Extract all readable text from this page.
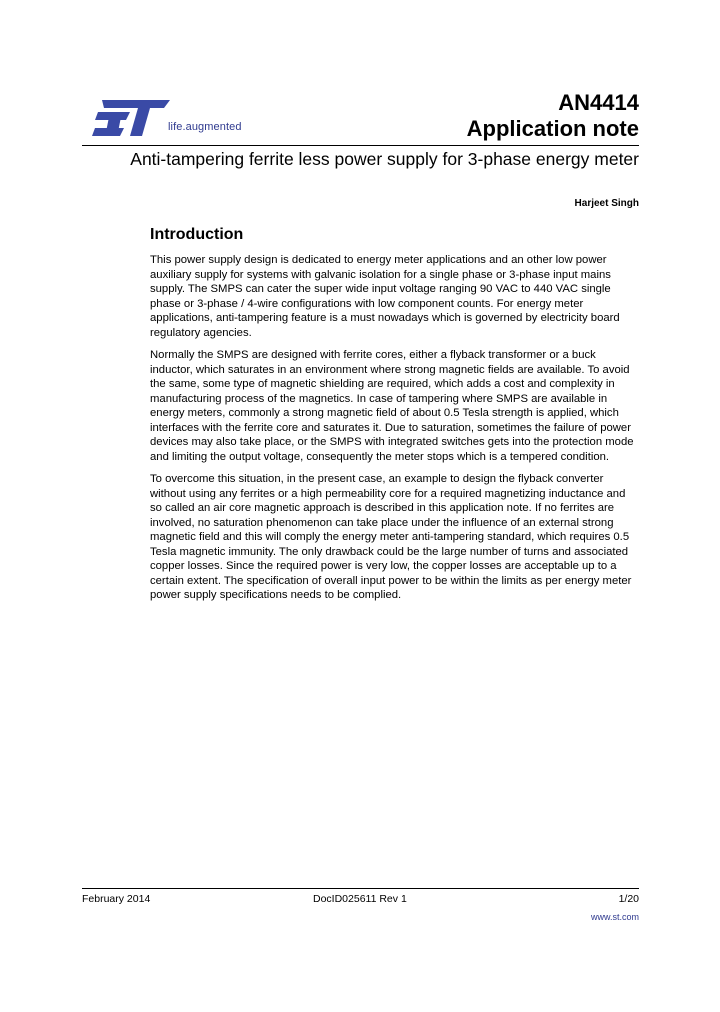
life.augmented
AN4414
Application note
Anti-tampering ferrite less power supply for 3-phase energy meter
Harjeet Singh
Introduction

This power supply design is dedicated to energy meter applications and an other low power auxiliary supply for systems with galvanic isolation for a single phase or 3-phase input mains supply. The SMPS can cater the super wide input voltage ranging 90 VAC to 440 VAC single phase or 3-phase / 4-wire configurations with low component counts. For energy meter applications, anti-tampering feature is a must nowadays which is governed by electricity board regulatory agencies.

Normally the SMPS are designed with ferrite cores, either a flyback transformer or a buck inductor, which saturates in an environment where strong magnetic fields are available. To avoid the same, some type of magnetic shielding are required, which adds a cost and complexity in manufacturing process of the magnetics. In case of tampering where SMPS are available in energy meters, commonly a strong magnetic field of about 0.5 Tesla strength is applied, which interfaces with the ferrite core and saturates it. Due to saturation, sometimes the failure of power devices may also take place, or the SMPS with integrated switches gets into the protection mode and limiting the output voltage, consequently the meter stops which is a tempered condition.

To overcome this situation, in the present case, an example to design the flyback converter without using any ferrites or a high permeability core for a required magnetizing inductance and so called an air core magnetic approach is described in this application note. If no ferrites are involved, no saturation phenomenon can take place under the influence of an external strong magnetic field and this will comply the energy meter anti-tampering standard, which requires 0.5 Tesla magnetic immunity. The only drawback could be the large number of turns and associated copper losses. Since the required power is very low, the copper losses are acceptable up to a certain extent. The specification of overall input power to be within the limits as per energy meter power supply specifications needs to be complied.

February 2014	DocID025611 Rev 1	1/20
www.st.com
